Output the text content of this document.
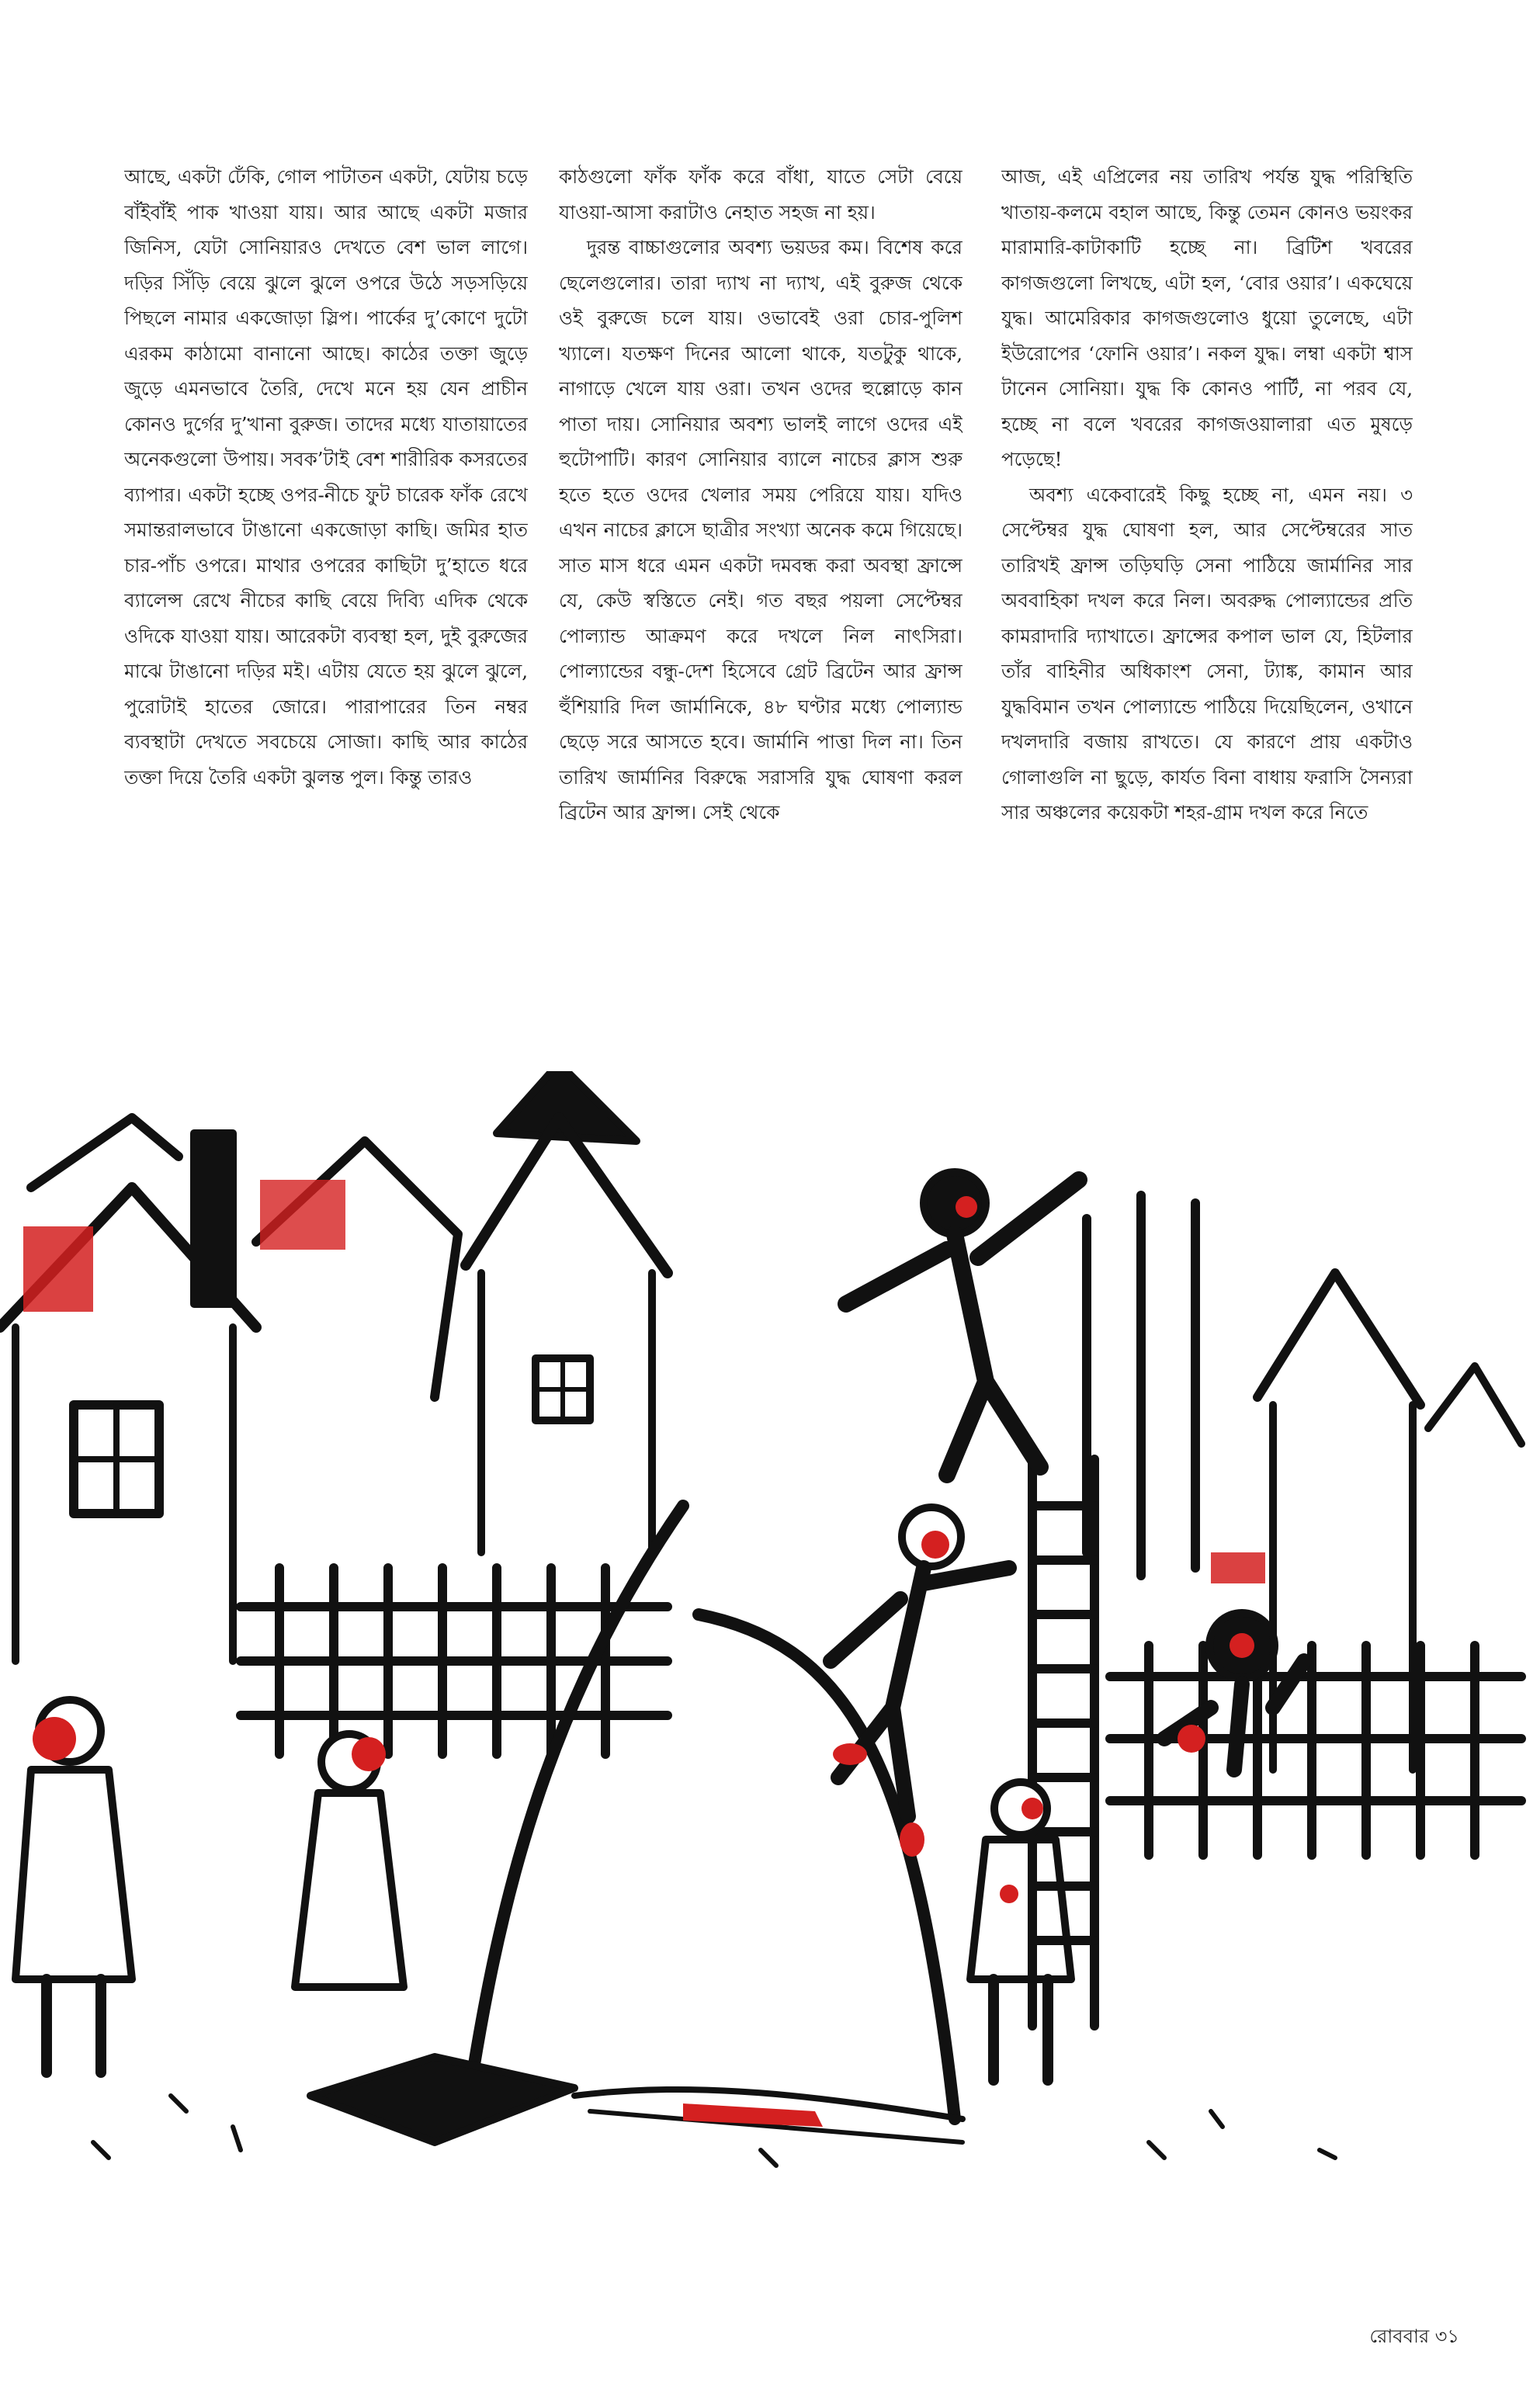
আছে, একটা ঢেঁকি, গোল পাটাতন একটা, যেটায় চড়ে বাঁইবাঁই পাক খাওয়া যায়। আর আছে একটা মজার জিনিস, যেটা সোনিয়ারও দেখতে বেশ ভাল লাগে। দড়ির সিঁড়ি বেয়ে ঝুলে ঝুলে ওপরে উঠে সড়সড়িয়ে পিছলে নামার একজোড়া স্লিপ। পার্কের দু’কোণে দুটো এরকম কাঠামো বানানো আছে। কাঠের তক্তা জুড়ে জুড়ে এমনভাবে তৈরি, দেখে মনে হয় যেন প্রাচীন কোনও দুর্গের দু’খানা বুরুজ। তাদের মধ্যে যাতায়াতের অনেকগুলো উপায়। সবক’টাই বেশ শারীরিক কসরতের ব্যাপার। একটা হচ্ছে ওপর-নীচে ফুট চারেক ফাঁক রেখে সমান্তরালভাবে টাঙানো একজোড়া কাছি। জমির হাত চার-পাঁচ ওপরে। মাথার ওপরের কাছিটা দু’হাতে ধরে ব্যালেন্স রেখে নীচের কাছি বেয়ে দিব্যি এদিক থেকে ওদিকে যাওয়া যায়। আরেকটা ব্যবস্থা হল, দুই বুরুজের মাঝে টাঙানো দড়ির মই। এটায় যেতে হয় ঝুলে ঝুলে, পুরোটাই হাতের জোরে। পারাপারের তিন নম্বর ব্যবস্থাটা দেখতে সবচেয়ে সোজা। কাছি আর কাঠের তক্তা দিয়ে তৈরি একটা ঝুলন্ত পুল। কিন্তু তারও

কাঠগুলো ফাঁক ফাঁক করে বাঁধা, যাতে সেটা বেয়ে যাওয়া-আসা করাটাও নেহাত সহজ না হয়।

দুরন্ত বাচ্চাগুলোর অবশ্য ভয়ডর কম। বিশেষ করে ছেলেগুলোর। তারা দ্যাখ না দ্যাখ, এই বুরুজ থেকে ওই বুরুজে চলে যায়। ওভাবেই ওরা চোর-পুলিশ খ্যালে। যতক্ষণ দিনের আলো থাকে, যতটুকু থাকে, নাগাড়ে খেলে যায় ওরা। তখন ওদের হুল্লোড়ে কান পাতা দায়। সোনিয়ার অবশ্য ভালই লাগে ওদের এই হুটোপাটি। কারণ সোনিয়ার ব্যালে নাচের ক্লাস শুরু হতে হতে ওদের খেলার সময় পেরিয়ে যায়। যদিও এখন নাচের ক্লাসে ছাত্রীর সংখ্যা অনেক কমে গিয়েছে। সাত মাস ধরে এমন একটা দমবন্ধ করা অবস্থা ফ্রান্সে যে, কেউ স্বস্তিতে নেই। গত বছর পয়লা সেপ্টেম্বর পোল্যান্ড আক্রমণ করে দখলে নিল নাৎসিরা। পোল্যান্ডের বন্ধু-দেশ হিসেবে গ্রেট ব্রিটেন আর ফ্রান্স হুঁশিয়ারি দিল জার্মানিকে, ৪৮ ঘণ্টার মধ্যে পোল্যান্ড ছেড়ে সরে আসতে হবে। জার্মানি পাত্তা দিল না। তিন তারিখ জার্মানির বিরুদ্ধে সরাসরি যুদ্ধ ঘোষণা করল ব্রিটেন আর ফ্রান্স। সেই থেকে

আজ, এই এপ্রিলের নয় তারিখ পর্যন্ত যুদ্ধ পরিস্থিতি খাতায়-কলমে বহাল আছে, কিন্তু তেমন কোনও ভয়ংকর মারামারি-কাটাকাটি হচ্ছে না। ব্রিটিশ খবরের কাগজগুলো লিখছে, এটা হল, ‘বোর ওয়ার’। একঘেয়ে যুদ্ধ। আমেরিকার কাগজগুলোও ধুয়ো তুলেছে, এটা ইউরোপের ‘ফোনি ওয়ার’। নকল যুদ্ধ। লম্বা একটা শ্বাস টানেন সোনিয়া। যুদ্ধ কি কোনও পার্টি, না পরব যে, হচ্ছে না বলে খবরের কাগজওয়ালারা এত মুষড়ে পড়েছে!

অবশ্য একেবারেই কিছু হচ্ছে না, এমন নয়। ৩ সেপ্টেম্বর যুদ্ধ ঘোষণা হল, আর সেপ্টেম্বরের সাত তারিখই ফ্রান্স তড়িঘড়ি সেনা পাঠিয়ে জার্মানির সার অববাহিকা দখল করে নিল। অবরুদ্ধ পোল্যান্ডের প্রতি কামরাদারি দ্যাখাতে। ফ্রান্সের কপাল ভাল যে, হিটলার তাঁর বাহিনীর অধিকাংশ সেনা, ট্যাঙ্ক, কামান আর যুদ্ধবিমান তখন পোল্যান্ডে পাঠিয়ে দিয়েছিলেন, ওখানে দখলদারি বজায় রাখতে। যে কারণে প্রায় একটাও গোলাগুলি না ছুড়ে, কার্যত বিনা বাধায় ফরাসি সৈন্যরা সার অঞ্চলের কয়েকটা শহর-গ্রাম দখল করে নিতে

রোববার ৩১
